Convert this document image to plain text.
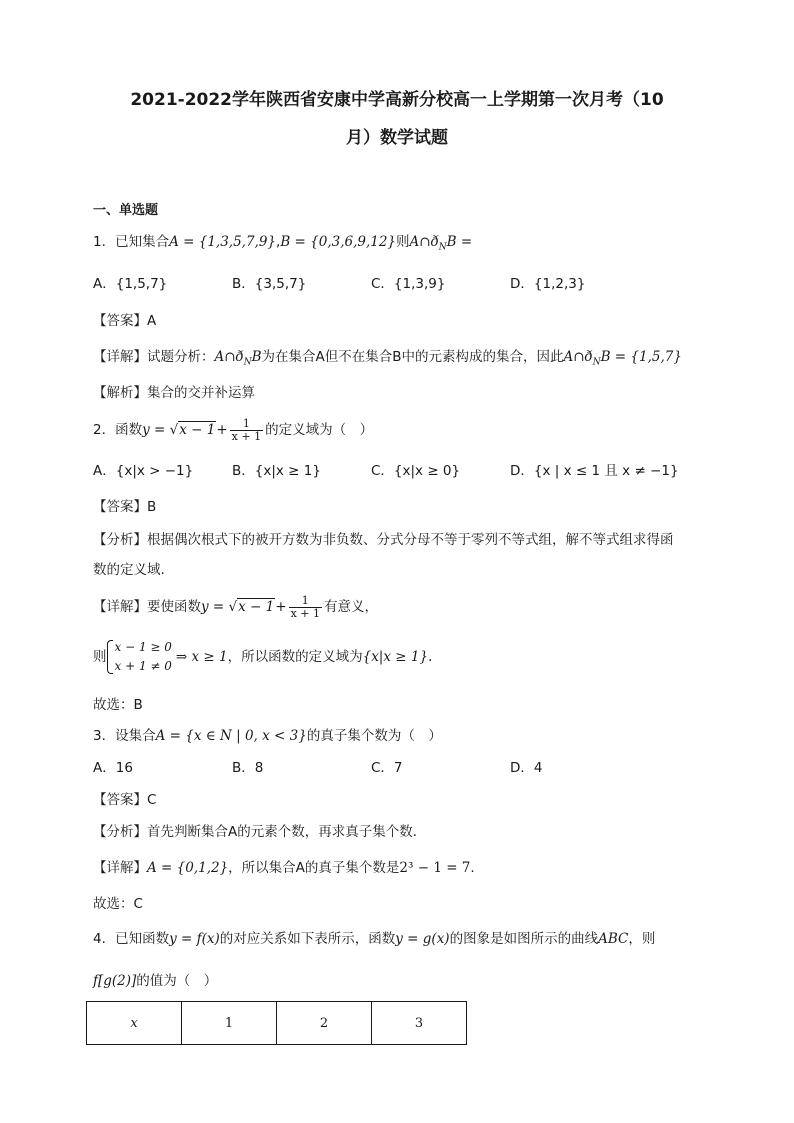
2021-2022学年陕西省安康中学高新分校高一上学期第一次月考（10
月）数学试题
一、单选题
1．已知集合A = {1,3,5,7,9},B = {0,3,6,9,12}则$A\cap ð_NB$ =
A．{1,5,7}	B．{3,5,7}	C．{1,3,9}	D．{1,2,3}
【答案】A
【详解】试题分析：$A\cap ð_NB$为在集合A但不在集合B中的元素构成的集合，因此$A\cap ð_NB = \{1,5,7\}$
【解析】集合的交并补运算
2．函数$y = √x - 1+ \frac{1}{x + 1}$ 的定义域为（　）
A．{x|x > −1}	B．{x|x ≥ 1}	C．{x|x ≥ 0}	D．{x | x ≤ 1 且 x ≠ −1}
【答案】B
【分析】根据偶次根式下的被开方数为非负数、分式分母不等于零列不等式组，解不等式组求得函
数的定义域.
【详解】要使函数$y = √x - 1+ \frac{1}{x + 1}$ 有意义，
则
x − 1 ≥ 0
x + 1 ≠ 0
⇒ x ≥ 1，所以函数的定义域为{x|x ≥ 1}.
故选：B
3．设集合A = {x ∈ N | 0, x < 3}的真子集个数为（　）
A．16	B．8	C．7	D．4
【答案】C
【分析】首先判断集合A的元素个数，再求真子集个数.
【详解】A = {0,1,2}，所以集合A的真子集个数是2³ − 1 = 7.
故选：C
4．已知函数y = f(x)的对应关系如下表所示，函数y = g(x)的图象是如图所示的曲线ABC，则
f[g(2)]的值为（　）
x	1	2	3
